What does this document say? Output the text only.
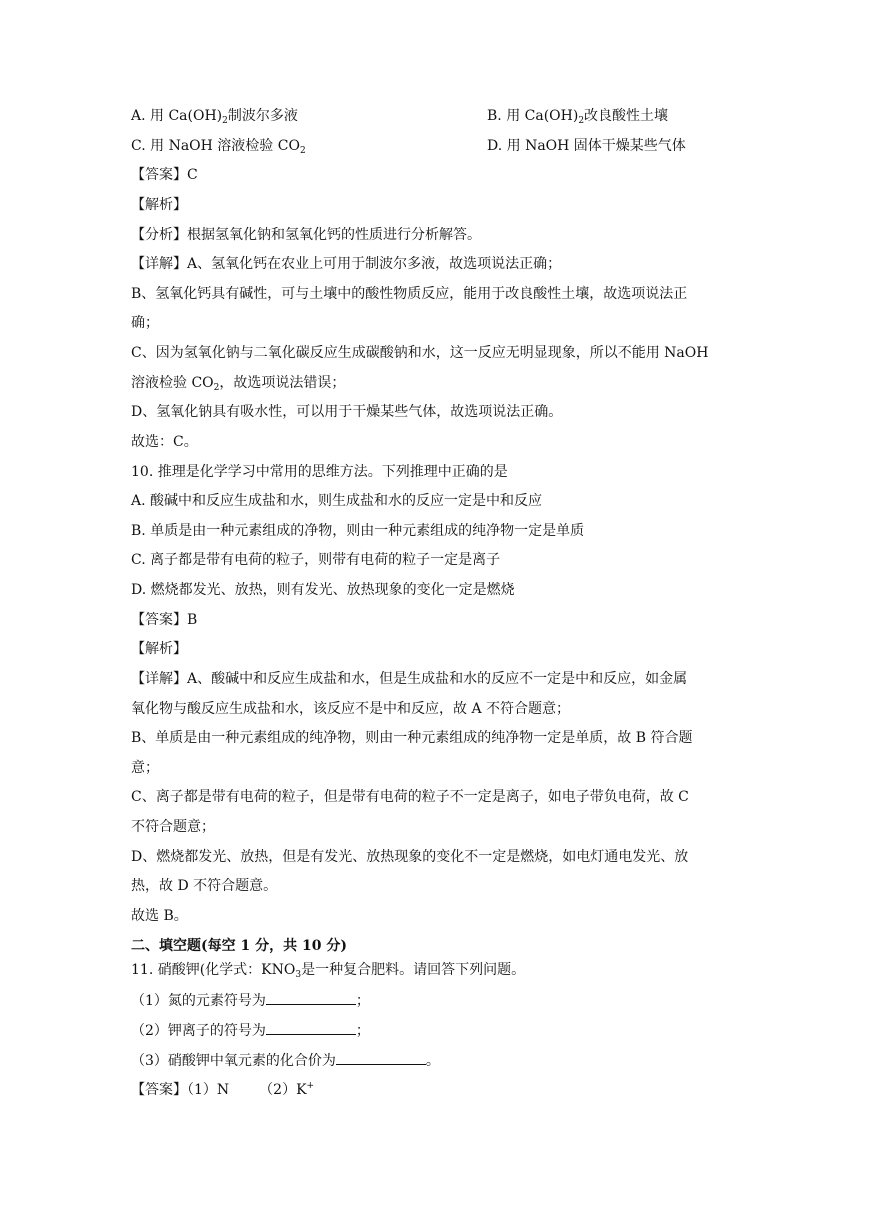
A. 用 $Ca(OH)_2$制波尔多液	B. 用 $Ca(OH)_2$改良酸性土壤
C. 用 NaOH 溶液检验 $CO_2$	D. 用 NaOH 固体干燥某些气体
【答案】C
【解析】
【分析】根据氢氧化钠和氢氧化钙的性质进行分析解答。
【详解】A、氢氧化钙在农业上可用于制波尔多液，故选项说法正确；
B、氢氧化钙具有碱性，可与土壤中的酸性物质反应，能用于改良酸性土壤，故选项说法正
确；
C、因为氢氧化钠与二氧化碳反应生成碳酸钠和水，这一反应无明显现象，所以不能用 NaOH
溶液检验 $CO_2$，故选项说法错误；
D、氢氧化钠具有吸水性，可以用于干燥某些气体，故选项说法正确。
故选：C。
10. 推理是化学学习中常用的思维方法。下列推理中正确的是
A. 酸碱中和反应生成盐和水，则生成盐和水的反应一定是中和反应
B. 单质是由一种元素组成的净物，则由一种元素组成的纯净物一定是单质
C. 离子都是带有电荷的粒子，则带有电荷的粒子一定是离子
D. 燃烧都发光、放热，则有发光、放热现象的变化一定是燃烧
【答案】B
【解析】
【详解】A、酸碱中和反应生成盐和水，但是生成盐和水的反应不一定是中和反应，如金属
氧化物与酸反应生成盐和水，该反应不是中和反应，故 A 不符合题意；
B、单质是由一种元素组成的纯净物，则由一种元素组成的纯净物一定是单质，故 B 符合题
意；
C、离子都是带有电荷的粒子，但是带有电荷的粒子不一定是离子，如电子带负电荷，故 C
不符合题意；
D、燃烧都发光、放热，但是有发光、放热现象的变化不一定是燃烧，如电灯通电发光、放
热，故 D 不符合题意。
故选 B。
二、填空题(每空 1 分，共 10 分)
11. 硝酸钾(化学式：$KNO_3$是一种复合肥料。请回答下列问题。
（1）氮的元素符号为	；
（2）钾离子的符号为	；
（3）硝酸钾中氧元素的化合价为	。
【答案】（1）N （2）K+
